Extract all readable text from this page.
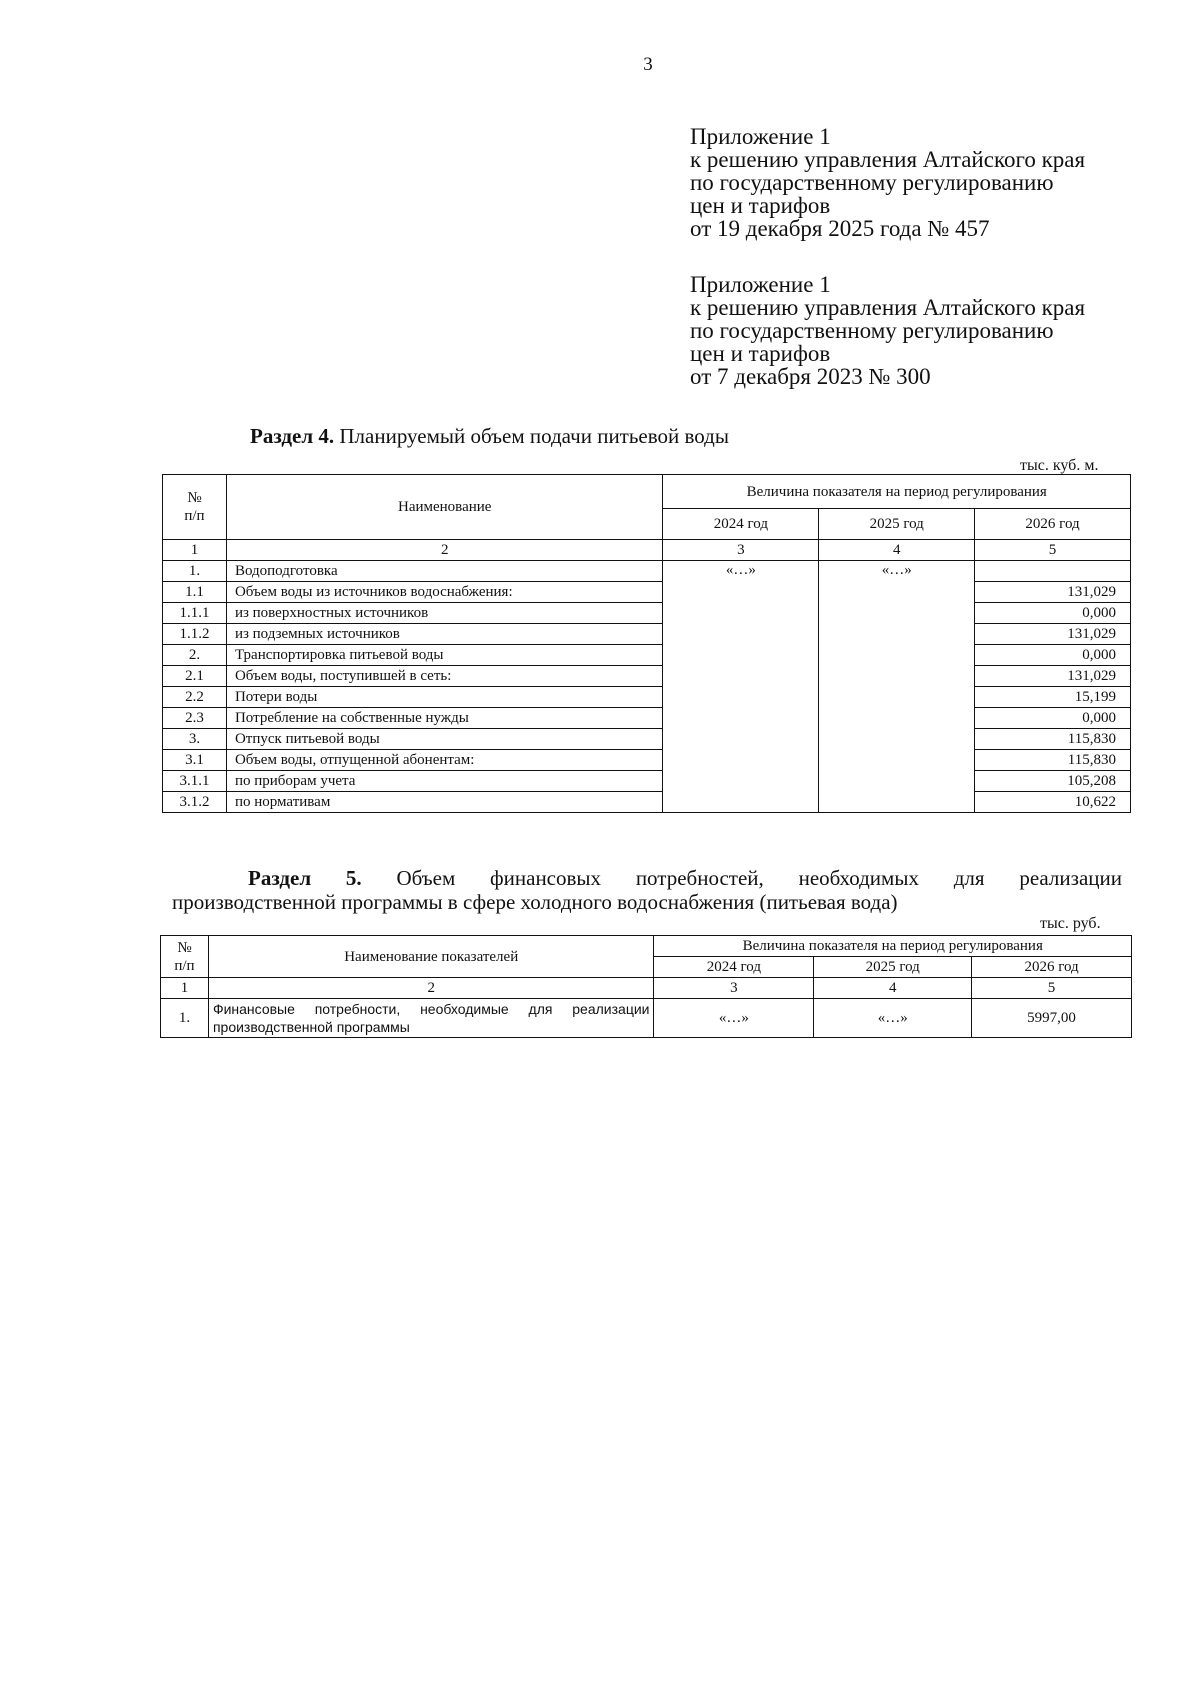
3
Приложение 1
к решению управления Алтайского края
по государственному регулированию
цен и тарифов
от 19 декабря 2025 года № 457
Приложение 1
к решению управления Алтайского края
по государственному регулированию
цен и тарифов
от 7 декабря 2023 № 300
Раздел 4. Планируемый объем подачи питьевой воды
тыс. куб. м.
№
п/п	Наименование	Величина показателя на период регулирования		
		2024 год	2025 год	2026 год
1	2	3	4	5
1.	Водоподготовка	«…»	«…»	
1.1	Объем воды из источников водоснабжения:			131,029
1.1.1	из поверхностных источников			0,000
1.1.2	из подземных источников			131,029
2.	Транспортировка питьевой воды			0,000
2.1	Объем воды, поступившей в сеть:			131,029
2.2	Потери воды			15,199
2.3	Потребление на собственные нужды			0,000
3.	Отпуск питьевой воды			115,830
3.1	Объем воды, отпущенной абонентам:			115,830
3.1.1	по приборам учета			105,208
3.1.2	по нормативам			10,622
Раздел 5. Объем финансовых потребностей, необходимых для реализации
производственной программы в сфере холодного водоснабжения (питьевая вода)
тыс. руб.
№
п/п	Наименование показателей	Величина показателя на период регулирования		
		2024 год	2025 год	2026 год
1	2	3	4	5
1.	Финансовые потребности, необходимые для реализации производственной программы	«…»	«…»	5997,00
